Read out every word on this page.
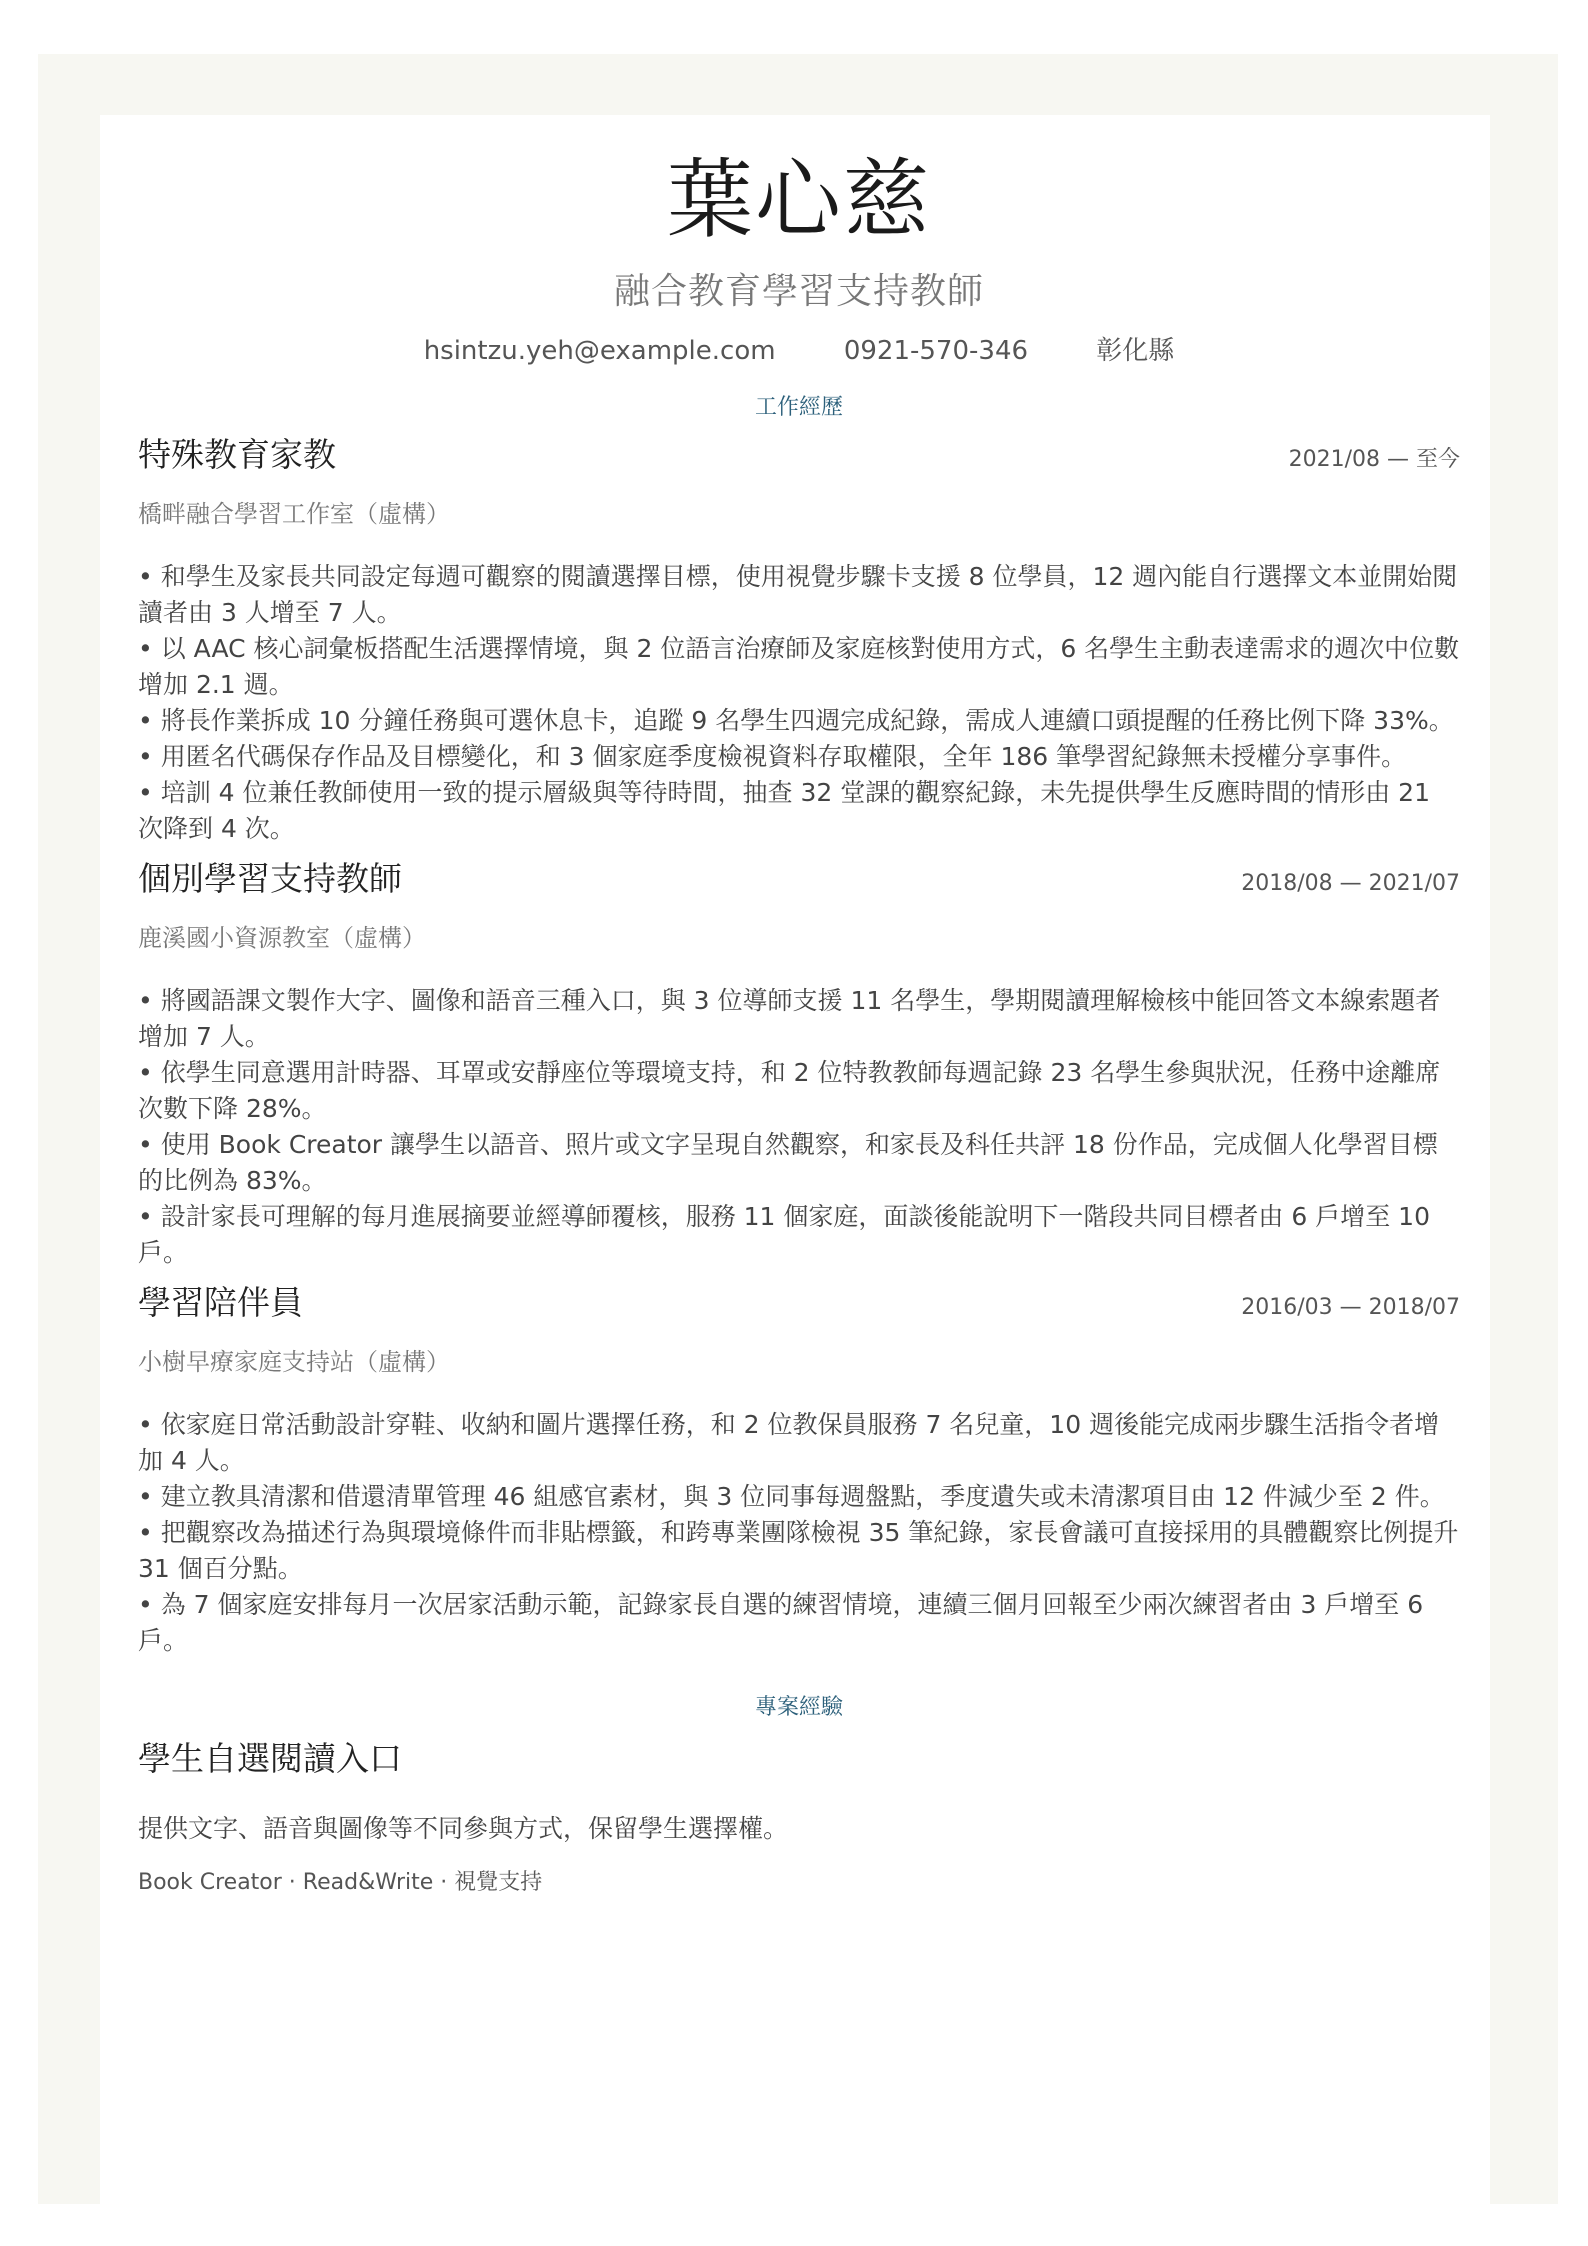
葉心慈
融合教育學習支持教師
hsintzu.yeh@example.com	0921-570-346	彰化縣
工作經歷
特殊教育家教	2021/08 — 至今
橋畔融合學習工作室（虛構）
• 和學生及家長共同設定每週可觀察的閱讀選擇目標，使用視覺步驟卡支援 8 位學員，12 週內能自行選擇文本並開始閱讀者由 3 人增至 7 人。
• 以 AAC 核心詞彙板搭配生活選擇情境，與 2 位語言治療師及家庭核對使用方式，6 名學生主動表達需求的週次中位數增加 2.1 週。
• 將長作業拆成 10 分鐘任務與可選休息卡，追蹤 9 名學生四週完成紀錄，需成人連續口頭提醒的任務比例下降 33%。
• 用匿名代碼保存作品及目標變化，和 3 個家庭季度檢視資料存取權限，全年 186 筆學習紀錄無未授權分享事件。
• 培訓 4 位兼任教師使用一致的提示層級與等待時間，抽查 32 堂課的觀察紀錄，未先提供學生反應時間的情形由 21 次降到 4 次。
個別學習支持教師	2018/08 — 2021/07
鹿溪國小資源教室（虛構）
• 將國語課文製作大字、圖像和語音三種入口，與 3 位導師支援 11 名學生，學期閱讀理解檢核中能回答文本線索題者增加 7 人。
• 依學生同意選用計時器、耳罩或安靜座位等環境支持，和 2 位特教教師每週記錄 23 名學生參與狀況，任務中途離席次數下降 28%。
• 使用 Book Creator 讓學生以語音、照片或文字呈現自然觀察，和家長及科任共評 18 份作品，完成個人化學習目標的比例為 83%。
• 設計家長可理解的每月進展摘要並經導師覆核，服務 11 個家庭，面談後能說明下一階段共同目標者由 6 戶增至 10 戶。
學習陪伴員	2016/03 — 2018/07
小樹早療家庭支持站（虛構）
• 依家庭日常活動設計穿鞋、收納和圖片選擇任務，和 2 位教保員服務 7 名兒童，10 週後能完成兩步驟生活指令者增加 4 人。
• 建立教具清潔和借還清單管理 46 組感官素材，與 3 位同事每週盤點，季度遺失或未清潔項目由 12 件減少至 2 件。
• 把觀察改為描述行為與環境條件而非貼標籤，和跨專業團隊檢視 35 筆紀錄，家長會議可直接採用的具體觀察比例提升 31 個百分點。
• 為 7 個家庭安排每月一次居家活動示範，記錄家長自選的練習情境，連續三個月回報至少兩次練習者由 3 戶增至 6 戶。
專案經驗
學生自選閱讀入口
提供文字、語音與圖像等不同參與方式，保留學生選擇權。
Book Creator · Read&Write · 視覺支持
